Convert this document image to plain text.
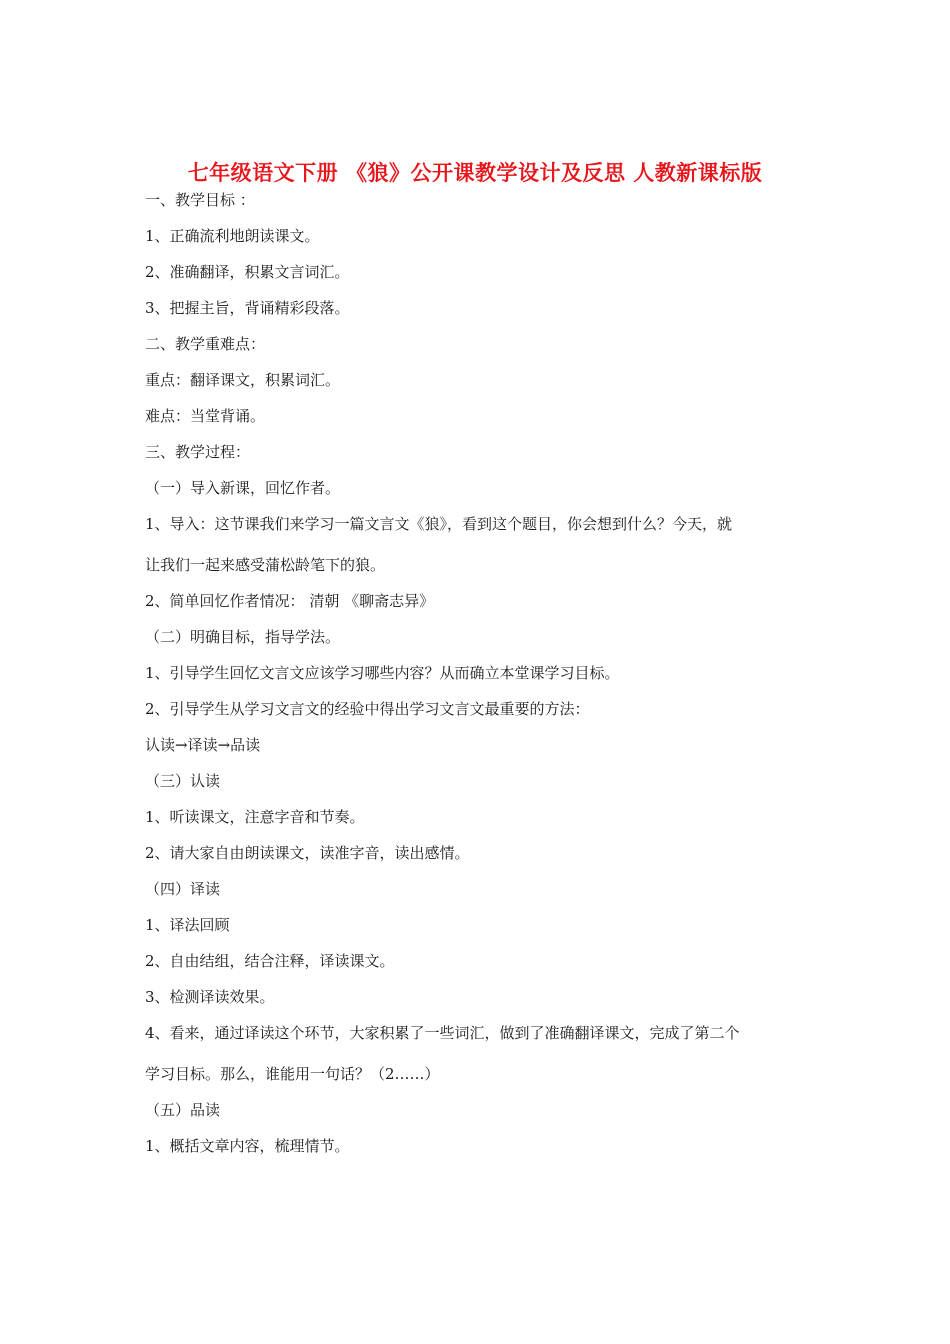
七年级语文下册 《狼》公开课教学设计及反思 人教新课标版
一、教学目标 ：
1、正确流利地朗读课文。
2、准确翻译，积累文言词汇。
3、把握主旨，背诵精彩段落。
二、教学重难点：
重点：翻译课文，积累词汇。
难点：当堂背诵。
三、教学过程：
（一）导入新课，回忆作者。
1、导入：这节课我们来学习一篇文言文《狼》，看到这个题目，你会想到什么？今天，就
让我们一起来感受蒲松龄笔下的狼。
2、简单回忆作者情况： 清朝 《聊斋志异》
（二）明确目标，指导学法。
1、引导学生回忆文言文应该学习哪些内容？从而确立本堂课学习目标。
2、引导学生从学习文言文的经验中得出学习文言文最重要的方法：
认读→译读→品读
（三）认读
1、听读课文，注意字音和节奏。
2、请大家自由朗读课文，读准字音，读出感情。
（四）译读
1、译法回顾
2、自由结组，结合注释，译读课文。
3、检测译读效果。
4、看来，通过译读这个环节，大家积累了一些词汇，做到了准确翻译课文，完成了第二个
学习目标。那么，谁能用一句话？（2……）
（五）品读
1、概括文章内容，梳理情节。
